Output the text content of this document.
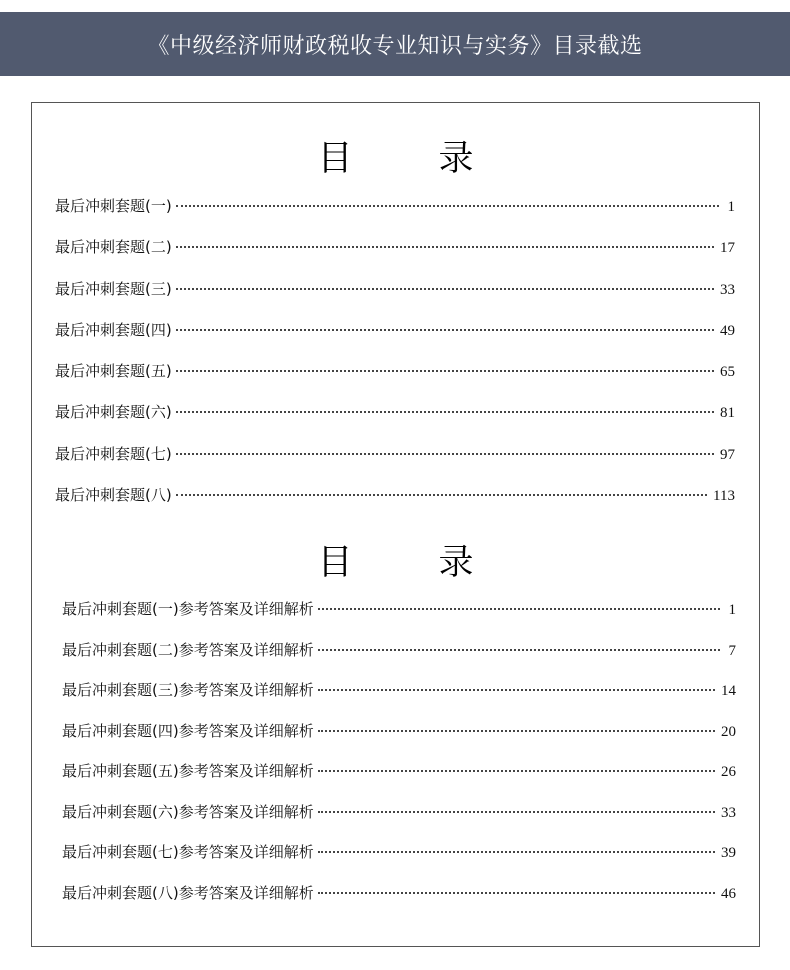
《中级经济师财政税收专业知识与实务》目录截选
目 录
最后冲刺套题(一)	1
最后冲刺套题(二)	17
最后冲刺套题(三)	33
最后冲刺套题(四)	49
最后冲刺套题(五)	65
最后冲刺套题(六)	81
最后冲刺套题(七)	97
最后冲刺套题(八)	113
目 录
最后冲刺套题(一)参考答案及详细解析	1
最后冲刺套题(二)参考答案及详细解析	7
最后冲刺套题(三)参考答案及详细解析	14
最后冲刺套题(四)参考答案及详细解析	20
最后冲刺套题(五)参考答案及详细解析	26
最后冲刺套题(六)参考答案及详细解析	33
最后冲刺套题(七)参考答案及详细解析	39
最后冲刺套题(八)参考答案及详细解析	46
